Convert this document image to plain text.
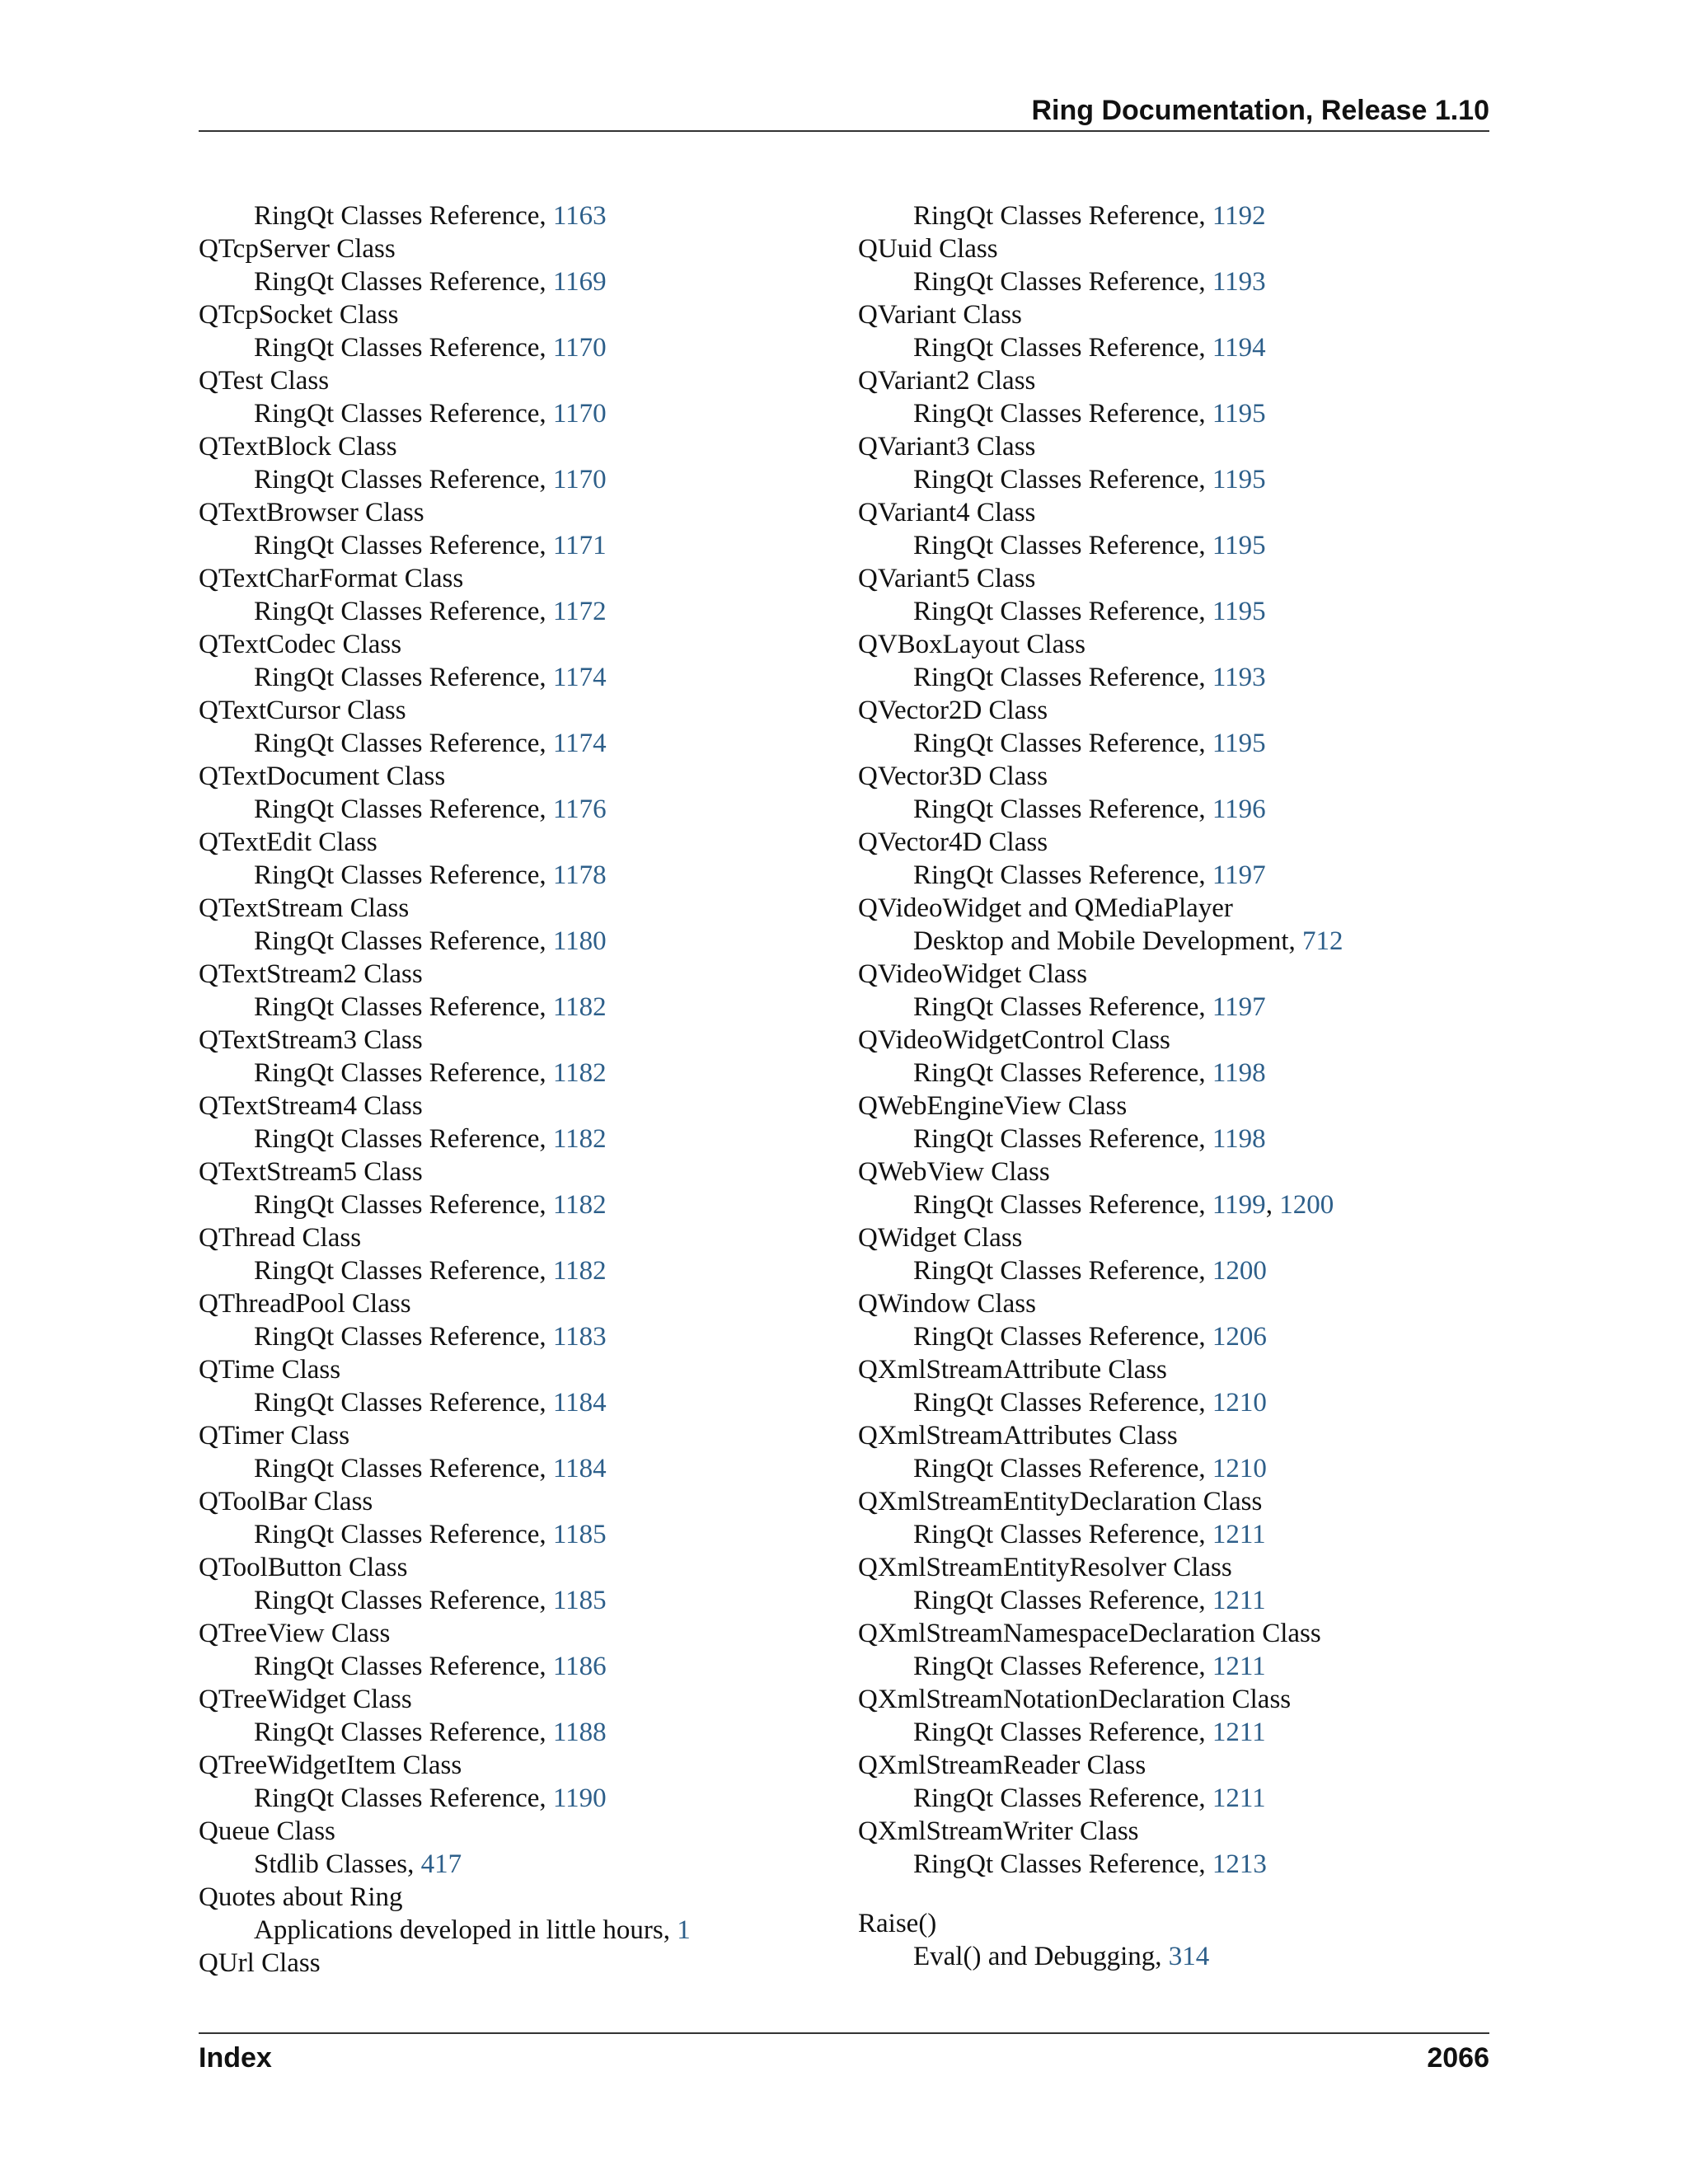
Ring Documentation, Release 1.10
RingQt Classes Reference, 1163
QTcpServer Class
RingQt Classes Reference, 1169
QTcpSocket Class
RingQt Classes Reference, 1170
QTest Class
RingQt Classes Reference, 1170
QTextBlock Class
RingQt Classes Reference, 1170
QTextBrowser Class
RingQt Classes Reference, 1171
QTextCharFormat Class
RingQt Classes Reference, 1172
QTextCodec Class
RingQt Classes Reference, 1174
QTextCursor Class
RingQt Classes Reference, 1174
QTextDocument Class
RingQt Classes Reference, 1176
QTextEdit Class
RingQt Classes Reference, 1178
QTextStream Class
RingQt Classes Reference, 1180
QTextStream2 Class
RingQt Classes Reference, 1182
QTextStream3 Class
RingQt Classes Reference, 1182
QTextStream4 Class
RingQt Classes Reference, 1182
QTextStream5 Class
RingQt Classes Reference, 1182
QThread Class
RingQt Classes Reference, 1182
QThreadPool Class
RingQt Classes Reference, 1183
QTime Class
RingQt Classes Reference, 1184
QTimer Class
RingQt Classes Reference, 1184
QToolBar Class
RingQt Classes Reference, 1185
QToolButton Class
RingQt Classes Reference, 1185
QTreeView Class
RingQt Classes Reference, 1186
QTreeWidget Class
RingQt Classes Reference, 1188
QTreeWidgetItem Class
RingQt Classes Reference, 1190
Queue Class
Stdlib Classes, 417
Quotes about Ring
Applications developed in little hours, 1
QUrl Class
RingQt Classes Reference, 1192
QUuid Class
RingQt Classes Reference, 1193
QVariant Class
RingQt Classes Reference, 1194
QVariant2 Class
RingQt Classes Reference, 1195
QVariant3 Class
RingQt Classes Reference, 1195
QVariant4 Class
RingQt Classes Reference, 1195
QVariant5 Class
RingQt Classes Reference, 1195
QVBoxLayout Class
RingQt Classes Reference, 1193
QVector2D Class
RingQt Classes Reference, 1195
QVector3D Class
RingQt Classes Reference, 1196
QVector4D Class
RingQt Classes Reference, 1197
QVideoWidget and QMediaPlayer
Desktop and Mobile Development, 712
QVideoWidget Class
RingQt Classes Reference, 1197
QVideoWidgetControl Class
RingQt Classes Reference, 1198
QWebEngineView Class
RingQt Classes Reference, 1198
QWebView Class
RingQt Classes Reference, 1199, 1200
QWidget Class
RingQt Classes Reference, 1200
QWindow Class
RingQt Classes Reference, 1206
QXmlStreamAttribute Class
RingQt Classes Reference, 1210
QXmlStreamAttributes Class
RingQt Classes Reference, 1210
QXmlStreamEntityDeclaration Class
RingQt Classes Reference, 1211
QXmlStreamEntityResolver Class
RingQt Classes Reference, 1211
QXmlStreamNamespaceDeclaration Class
RingQt Classes Reference, 1211
QXmlStreamNotationDeclaration Class
RingQt Classes Reference, 1211
QXmlStreamReader Class
RingQt Classes Reference, 1211
QXmlStreamWriter Class
RingQt Classes Reference, 1213
Raise()
Eval() and Debugging, 314
Index	2066
